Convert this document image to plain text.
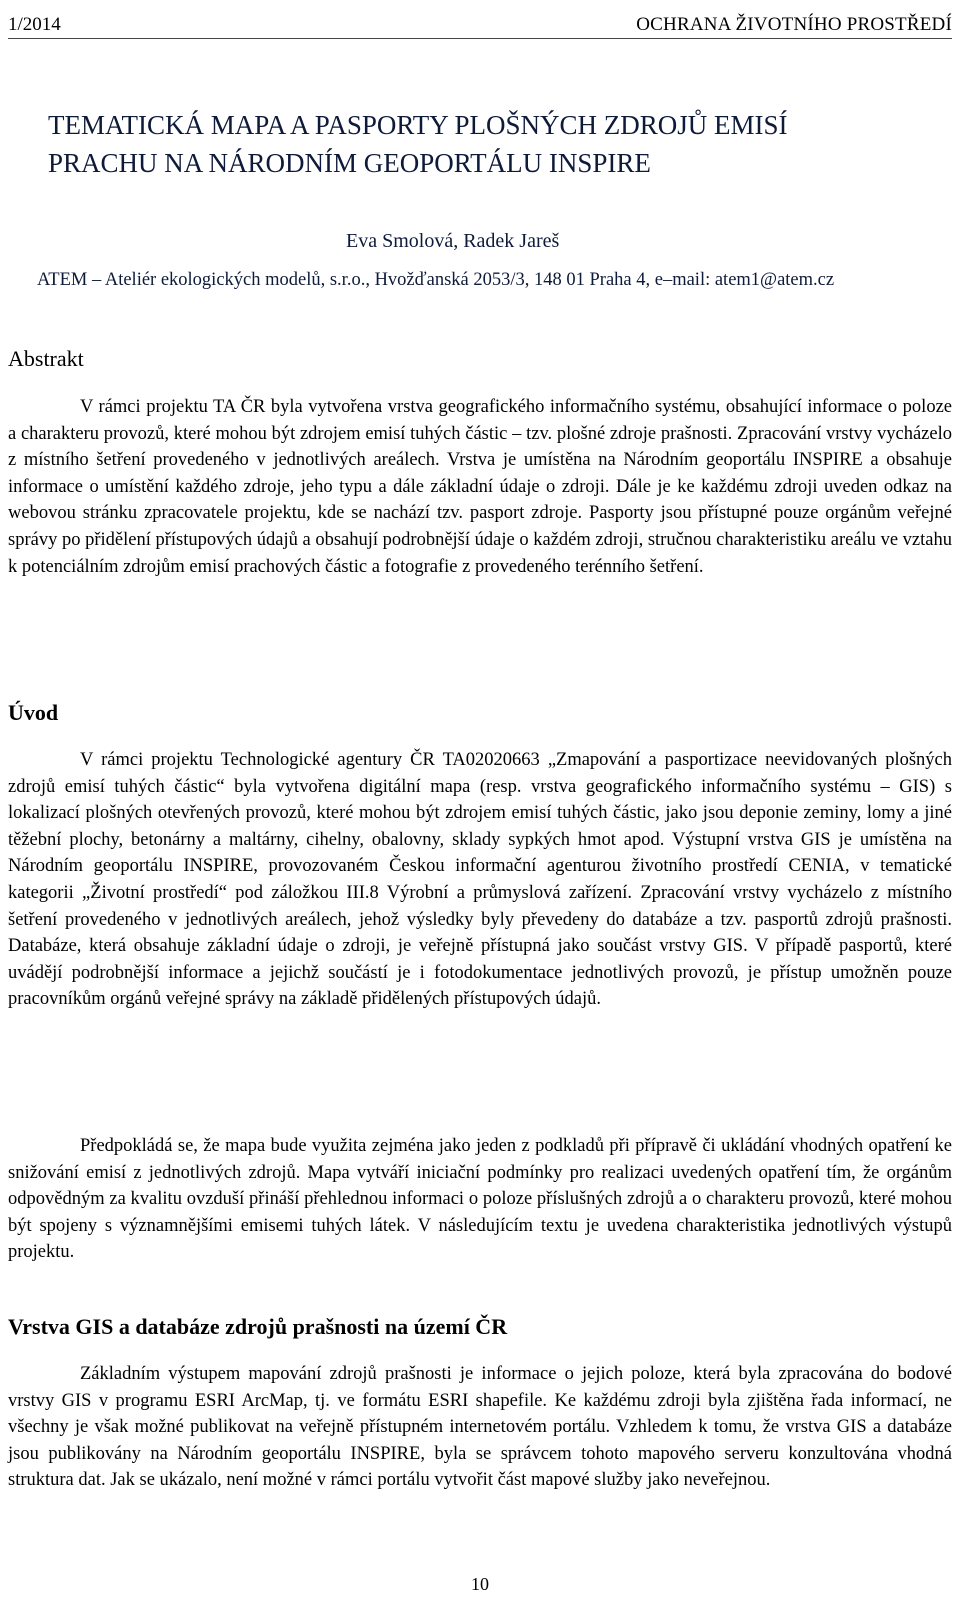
1/2014	OCHRANA ŽIVOTNÍHO PROSTŘEDÍ
TEMATICKÁ MAPA A PASPORTY PLOŠNÝCH ZDROJŮ EMISÍ
PRACHU NA NÁRODNÍM GEOPORTÁLU INSPIRE
Eva Smolová, Radek Jareš
ATEM – Ateliér ekologických modelů, s.r.o., Hvožďanská 2053/3, 148 01 Praha 4, e–mail: atem1@atem.cz
Abstrakt

V rámci projektu TA ČR byla vytvořena vrstva geografického informačního systému, obsahující informace o poloze a charakteru provozů, které mohou být zdrojem emisí tuhých částic – tzv. plošné zdroje prašnosti. Zpracování vrstvy vycházelo z místního šetření provedeného v jednotlivých areálech. Vrstva je umístěna na Národním geoportálu INSPIRE a obsahuje informace o umístění každého zdroje, jeho typu a dále základní údaje o zdroji. Dále je ke každému zdroji uveden odkaz na webovou stránku zpracovatele projektu, kde se nachází tzv. pasport zdroje. Pasporty jsou přístupné pouze orgánům veřejné správy po přidělení přístupových údajů a obsahují podrobnější údaje o každém zdroji, stručnou charakteristiku areálu ve vztahu k potenciálním zdrojům emisí prachových částic a fotografie z provedeného terénního šetření.

Úvod

V rámci projektu Technologické agentury ČR TA02020663 „Zmapování a pasportizace neevidovaných plošných zdrojů emisí tuhých částic“ byla vytvořena digitální mapa (resp. vrstva geografického informačního systému – GIS) s lokalizací plošných otevřených provozů, které mohou být zdrojem emisí tuhých částic, jako jsou deponie zeminy, lomy a jiné těžební plochy, betonárny a maltárny, cihelny, obalovny, sklady sypkých hmot apod. Výstupní vrstva GIS je umístěna na Národním geoportálu INSPIRE, provozovaném Českou informační agenturou životního prostředí CENIA, v tematické kategorii „Životní prostředí“ pod záložkou III.8 Výrobní a průmyslová zařízení. Zpracování vrstvy vycházelo z místního šetření provedeného v jednotlivých areálech, jehož výsledky byly převedeny do databáze a tzv. pasportů zdrojů prašnosti. Databáze, která obsahuje základní údaje o zdroji, je veřejně přístupná jako součást vrstvy GIS. V případě pasportů, které uvádějí podrobnější informace a jejichž součástí je i fotodokumentace jednotlivých provozů, je přístup umožněn pouze pracovníkům orgánů veřejné správy na základě přidělených přístupových údajů.

Předpokládá se, že mapa bude využita zejména jako jeden z podkladů při přípravě či ukládání vhodných opatření ke snižování emisí z jednotlivých zdrojů. Mapa vytváří iniciační podmínky pro realizaci uvedených opatření tím, že orgánům odpovědným za kvalitu ovzduší přináší přehlednou informaci o poloze příslušných zdrojů a o charakteru provozů, které mohou být spojeny s významnějšími emisemi tuhých látek. V následujícím textu je uvedena charakteristika jednotlivých výstupů projektu.

Vrstva GIS a databáze zdrojů prašnosti na území ČR

Základním výstupem mapování zdrojů prašnosti je informace o jejich poloze, která byla zpracována do bodové vrstvy GIS v programu ESRI ArcMap, tj. ve formátu ESRI shapefile. Ke každému zdroji byla zjištěna řada informací, ne všechny je však možné publikovat na veřejně přístupném internetovém portálu. Vzhledem k tomu, že vrstva GIS a databáze jsou publikovány na Národním geoportálu INSPIRE, byla se správcem tohoto mapového serveru konzultována vhodná struktura dat. Jak se ukázalo, není možné v rámci portálu vytvořit část mapové služby jako neveřejnou.

10
